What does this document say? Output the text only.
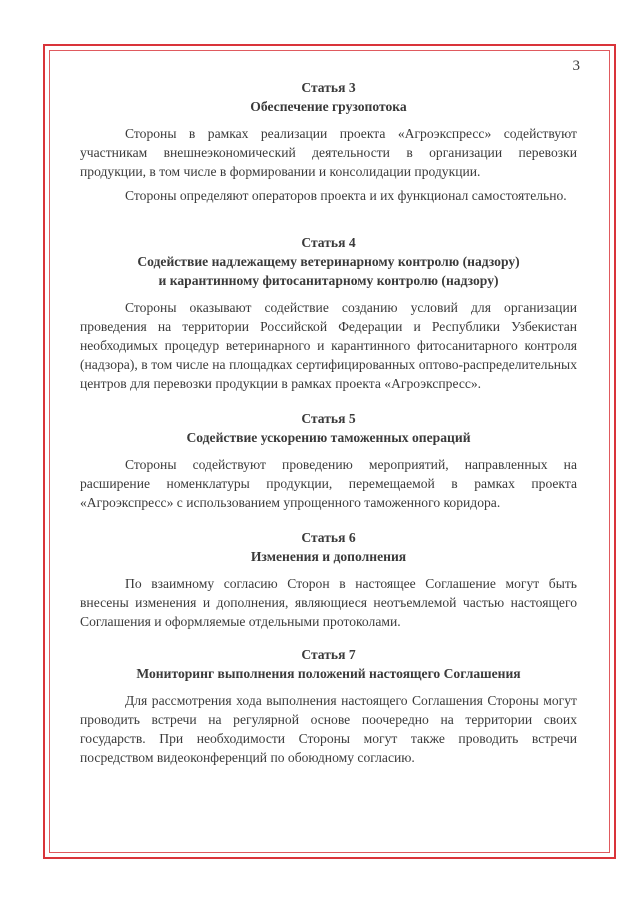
3
Статья 3
Обеспечение грузопотока

Стороны в рамках реализации проекта «Агроэкспресс» содействуют участникам внешнеэкономический деятельности в организации перевозки продукции, в том числе в формировании и консолидации продукции.

Стороны определяют операторов проекта и их функционал самостоятельно.

Статья 4
Содействие надлежащему ветеринарному контролю (надзору)
и карантинному фитосанитарному контролю (надзору)

Стороны оказывают содействие созданию условий для организации проведения на территории Российской Федерации и Республики Узбекистан необходимых процедур ветеринарного и карантинного фитосанитарного контроля (надзора), в том числе на площадках сертифицированных оптово-распределительных центров для перевозки продукции в рамках проекта «Агроэкспресс».

Статья 5
Содействие ускорению таможенных операций

Стороны содействуют проведению мероприятий, направленных на расширение номенклатуры продукции, перемещаемой в рамках проекта «Агроэкспресс» с использованием упрощенного таможенного коридора.

Статья 6
Изменения и дополнения

По взаимному согласию Сторон в настоящее Соглашение могут быть внесены изменения и дополнения, являющиеся неотъемлемой частью настоящего Соглашения и оформляемые отдельными протоколами.

Статья 7
Мониторинг выполнения положений настоящего Соглашения

Для рассмотрения хода выполнения настоящего Соглашения Стороны могут проводить встречи на регулярной основе поочередно на территории своих государств. При необходимости Стороны могут также проводить встречи посредством видеоконференций по обоюдному согласию.
